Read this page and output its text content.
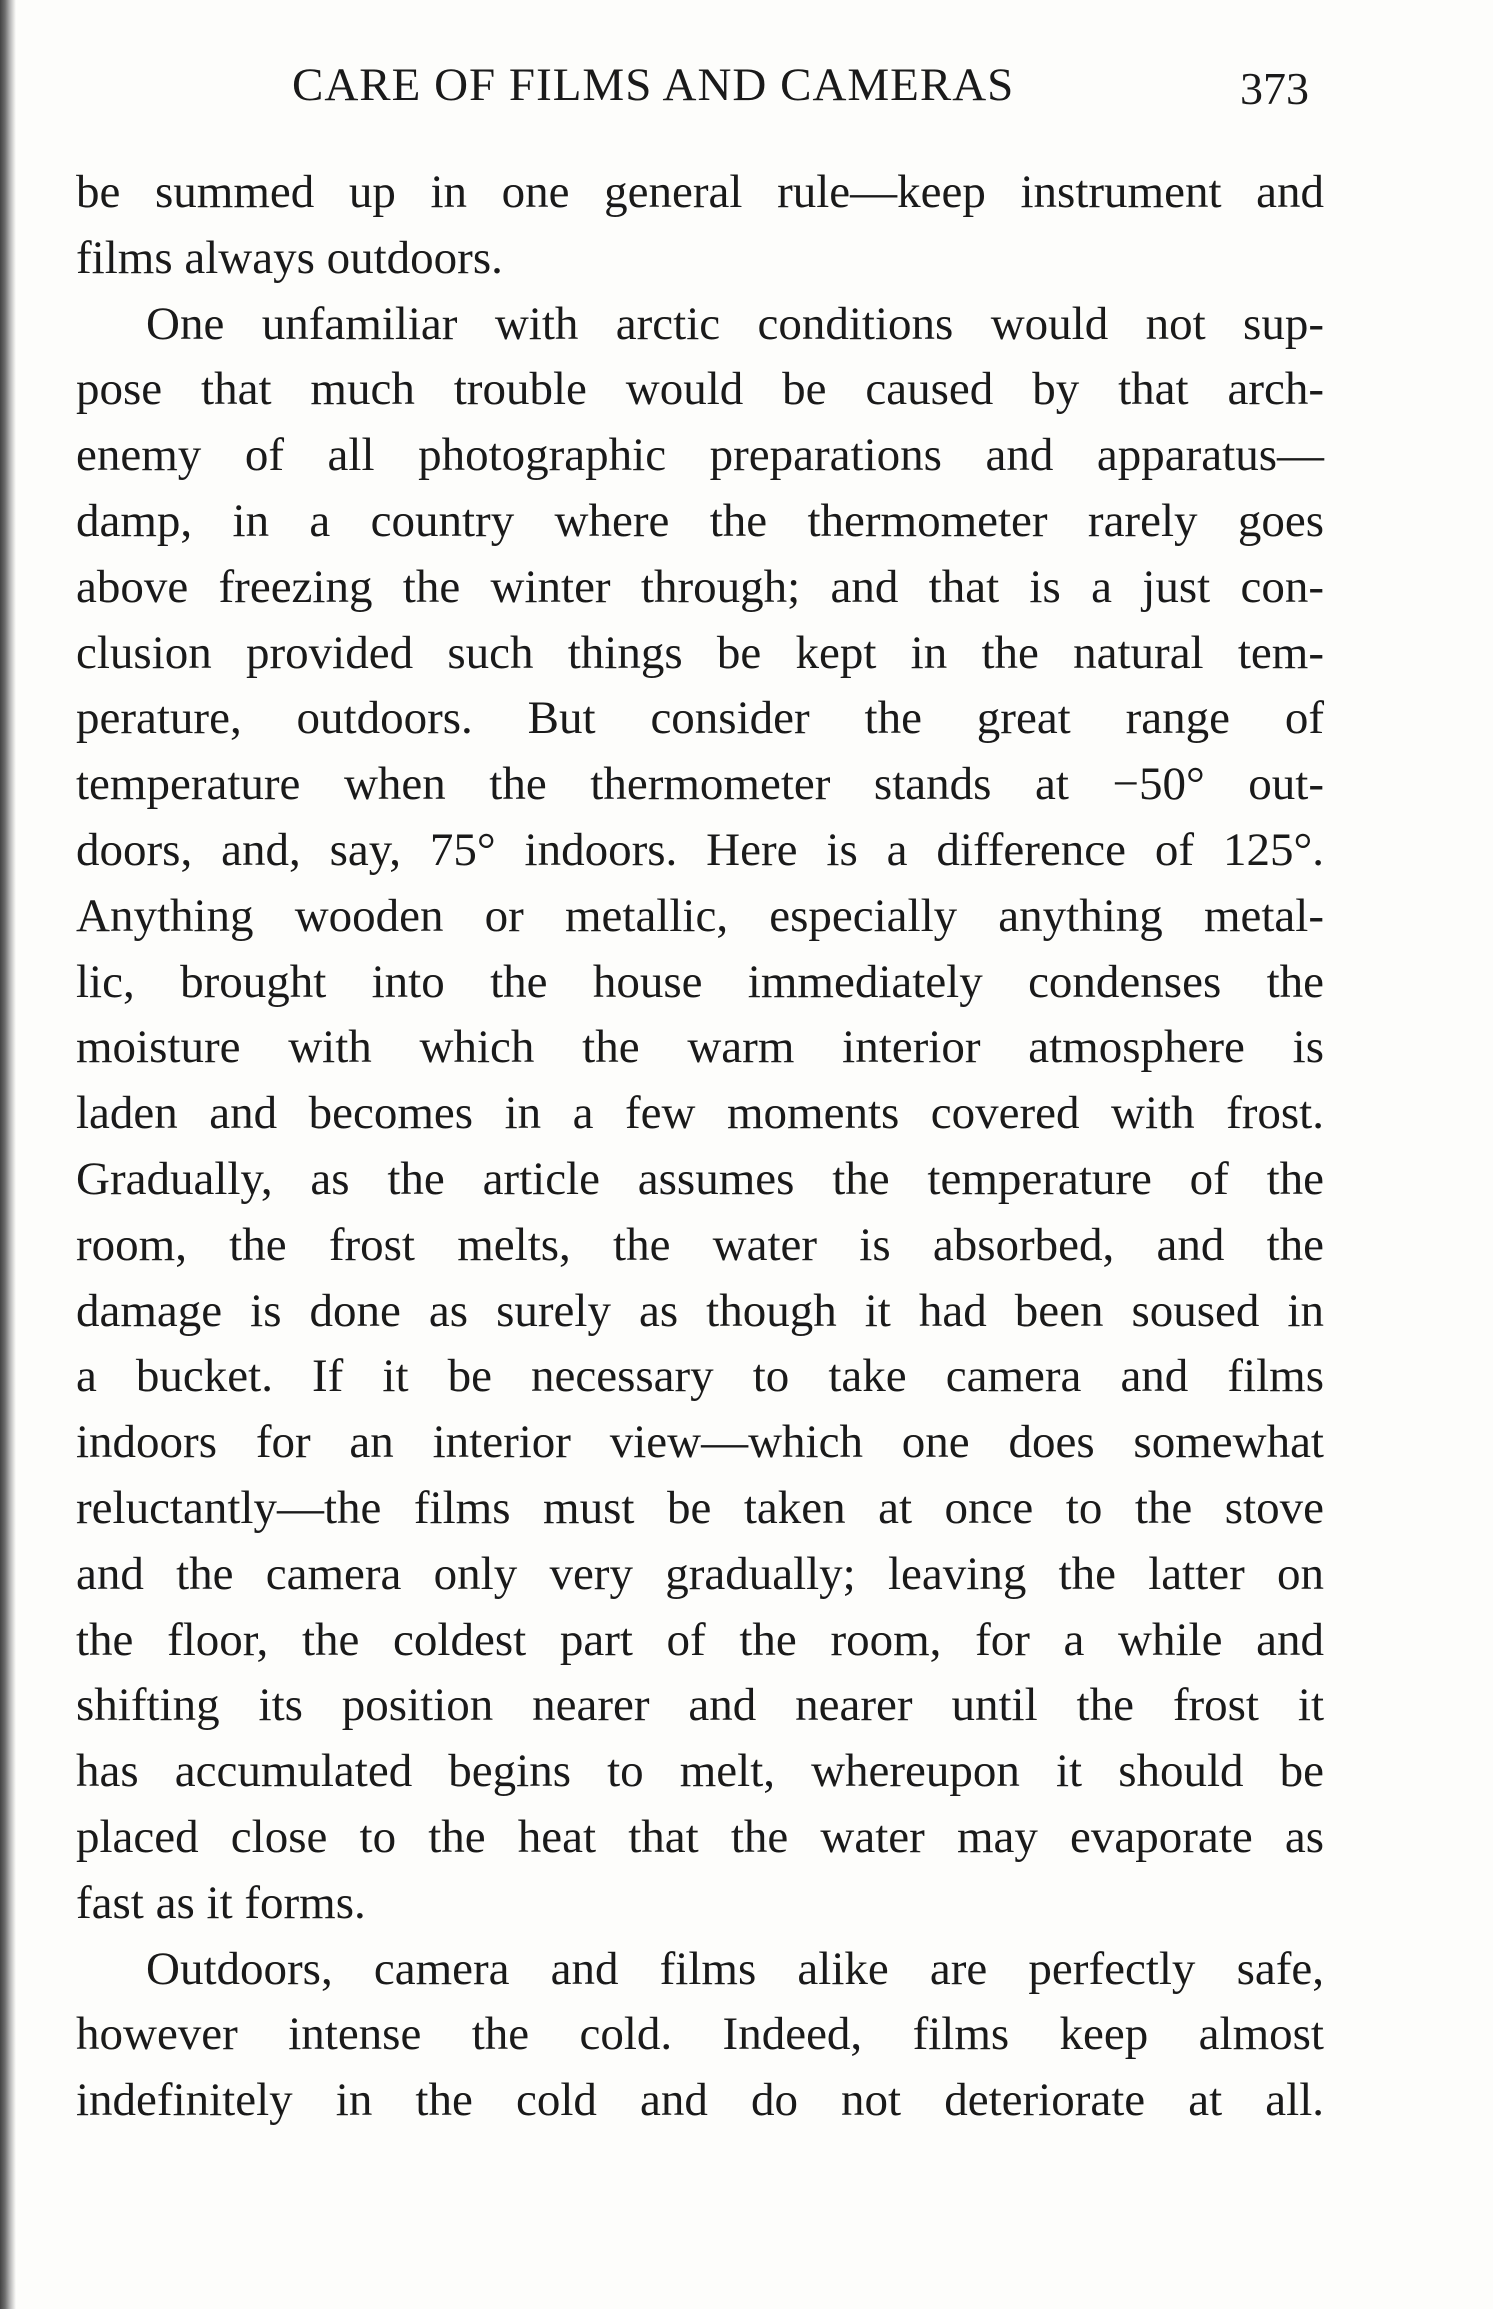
CARE OF FILMS AND CAMERAS	373
be summed up in one general rule—keep instrument and
films always outdoors.
One unfamiliar with arctic conditions would not sup-
pose that much trouble would be caused by that arch-
enemy of all photographic preparations and apparatus—
damp, in a country where the thermometer rarely goes
above freezing the winter through; and that is a just con-
clusion provided such things be kept in the natural tem-
perature, outdoors. But consider the great range of
temperature when the thermometer stands at −50° out-
doors, and, say, 75° indoors. Here is a difference of 125°.
Anything wooden or metallic, especially anything metal-
lic, brought into the house immediately condenses the
moisture with which the warm interior atmosphere is
laden and becomes in a few moments covered with frost.
Gradually, as the article assumes the temperature of the
room, the frost melts, the water is absorbed, and the
damage is done as surely as though it had been soused in
a bucket. If it be necessary to take camera and films
indoors for an interior view—which one does somewhat
reluctantly—the films must be taken at once to the stove
and the camera only very gradually; leaving the latter on
the floor, the coldest part of the room, for a while and
shifting its position nearer and nearer until the frost it
has accumulated begins to melt, whereupon it should be
placed close to the heat that the water may evaporate as
fast as it forms.
Outdoors, camera and films alike are perfectly safe,
however intense the cold. Indeed, films keep almost
indefinitely in the cold and do not deteriorate at all.
